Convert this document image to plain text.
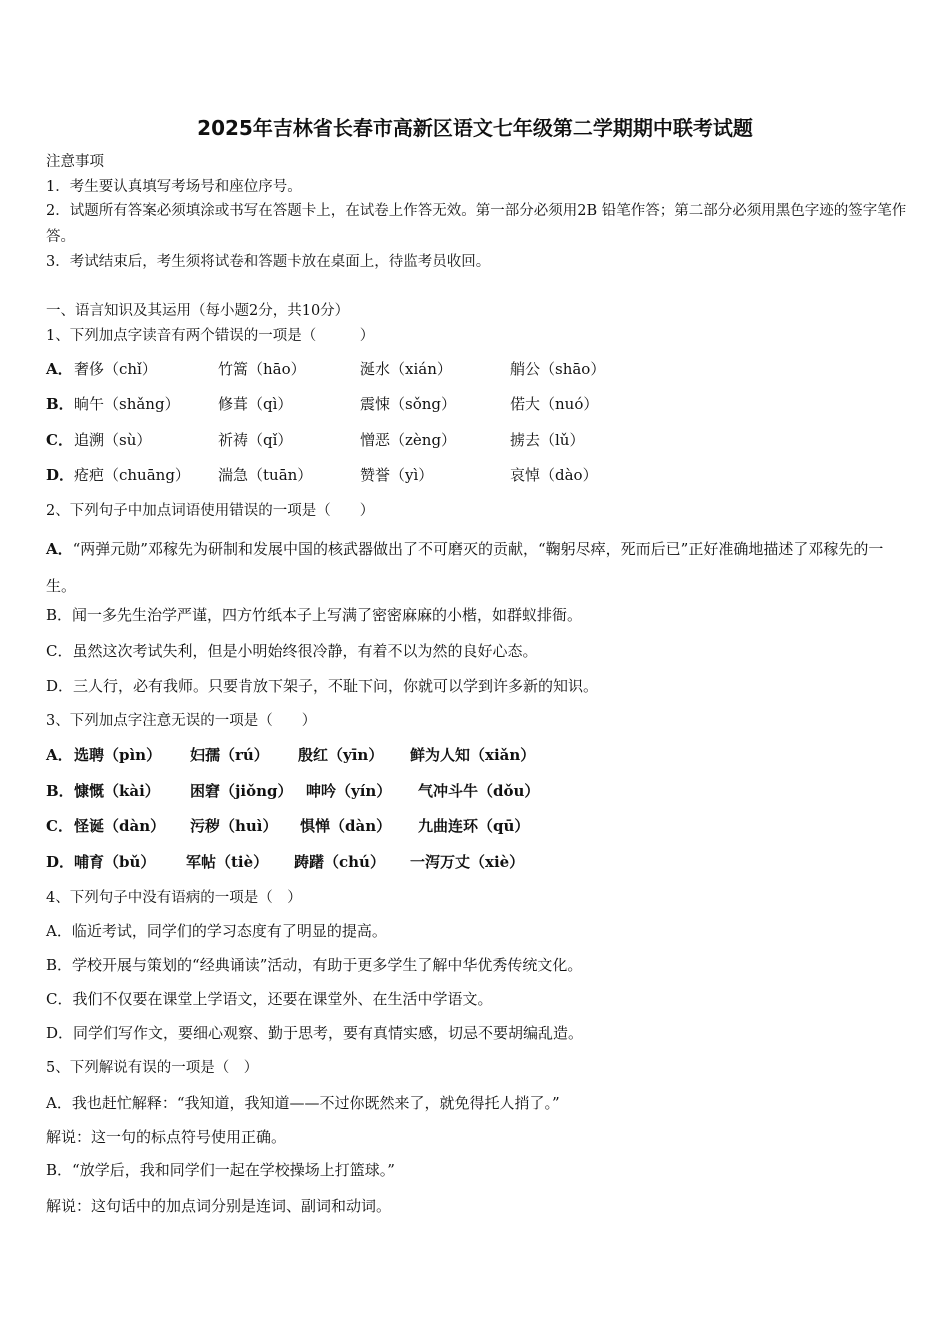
2025年吉林省长春市高新区语文七年级第二学期期中联考试题
注意事项
1．考生要认真填写考场号和座位序号。
2．试题所有答案必须填涂或书写在答题卡上，在试卷上作答无效。第一部分必须用2B 铅笔作答；第二部分必须用黑色字迹的签字笔作答。
3．考试结束后，考生须将试卷和答题卡放在桌面上，待监考员收回。
一、语言知识及其运用（每小题2分，共10分）
1、下列加点字读音有两个错误的一项是（　　　）
A． 奢侈（chǐ）	竹篙（hāo）	涎水（xián）	艄公（shāo）
B． 晌午（shǎng）	修葺（qì）	震悚（sǒng）	偌大（nuó）
C． 追溯（sù）	祈祷（qǐ）	憎恶（zèng）	掳去（lǔ）
D． 疮疤（chuāng） 湍急（tuān）	赞誉（yì）	哀悼（dào）
2、下列句子中加点词语使用错误的一项是（　　）
A．“两弹元勋”邓稼先为研制和发展中国的核武器做出了不可磨灭的贡献，“鞠躬尽瘁，死而后已”正好准确地描述了邓稼先的一生。
B．闻一多先生治学严谨，四方竹纸本子上写满了密密麻麻的小楷，如群蚁排衙。
C．虽然这次考试失利，但是小明始终很冷静，有着不以为然的良好心态。
D．三人行，必有我师。只要肯放下架子，不耻下问，你就可以学到许多新的知识。
3、下列加点字注意无误的一项是（　　）
A． 选聘（pìn） 妇孺（rú） 殷红（yīn） 鲜为人知（xiǎn）
B． 慷慨（kài） 困窘（jiǒng） 呻吟（yín） 气冲斗牛（dǒu）
C． 怪诞（dàn） 污秽（huì） 惧惮（dàn） 九曲连环（qū）
D． 哺育（bǔ） 军帖（tiè） 踌躇（chú） 一泻万丈（xiè）
4、下列句子中没有语病的一项是（　）
A．临近考试，同学们的学习态度有了明显的提高。
B．学校开展与策划的“经典诵读”活动，有助于更多学生了解中华优秀传统文化。
C．我们不仅要在课堂上学语文，还要在课堂外、在生活中学语文。
D．同学们写作文，要细心观察、勤于思考，要有真情实感，切忌不要胡编乱造。
5、下列解说有误的一项是（　）
A．我也赶忙解释：“我知道，我知道——不过你既然来了，就免得托人捎了。”
解说：这一句的标点符号使用正确。
B．“放学后，我和同学们一起在学校操场上打篮球。”
解说：这句话中的加点词分别是连词、副词和动词。
